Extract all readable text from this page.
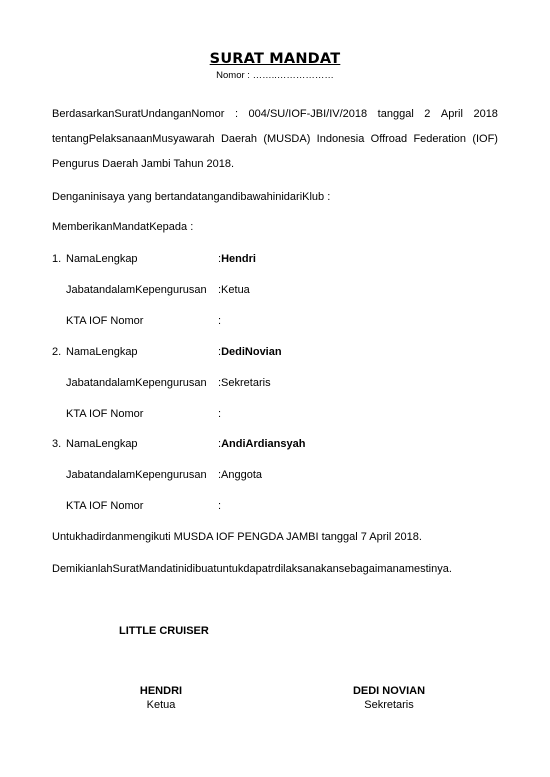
SURAT MANDAT
Nomor : ……..………………
BerdasarkanSuratUndanganNomor : 004/SU/IOF-JBI/IV/2018 tanggal 2 April 2018
tentangPelaksanaanMusyawarah Daerah (MUSDA) Indonesia Offroad Federation (IOF)
Pengurus Daerah Jambi Tahun 2018.
Denganinisaya yang bertandatangandibawahinidariKlub :
MemberikanMandatKepada :
1. NamaLengkap	:Hendri
JabatandalamKepengurusan :Ketua
KTA IOF Nomor	:
2. NamaLengkap	:DediNovian
JabatandalamKepengurusan :Sekretaris
KTA IOF Nomor	:
3. NamaLengkap	:AndiArdiansyah
JabatandalamKepengurusan :Anggota
KTA IOF Nomor	:
Untukhadirdanmengikuti MUSDA IOF PENGDA JAMBI tanggal 7 April 2018.
DemikianlahSuratMandatinidibuatuntukdapatrdilaksanakansebagaimanamestinya.
LITTLE CRUISER
HENDRI
Ketua
DEDI NOVIAN
Sekretaris
